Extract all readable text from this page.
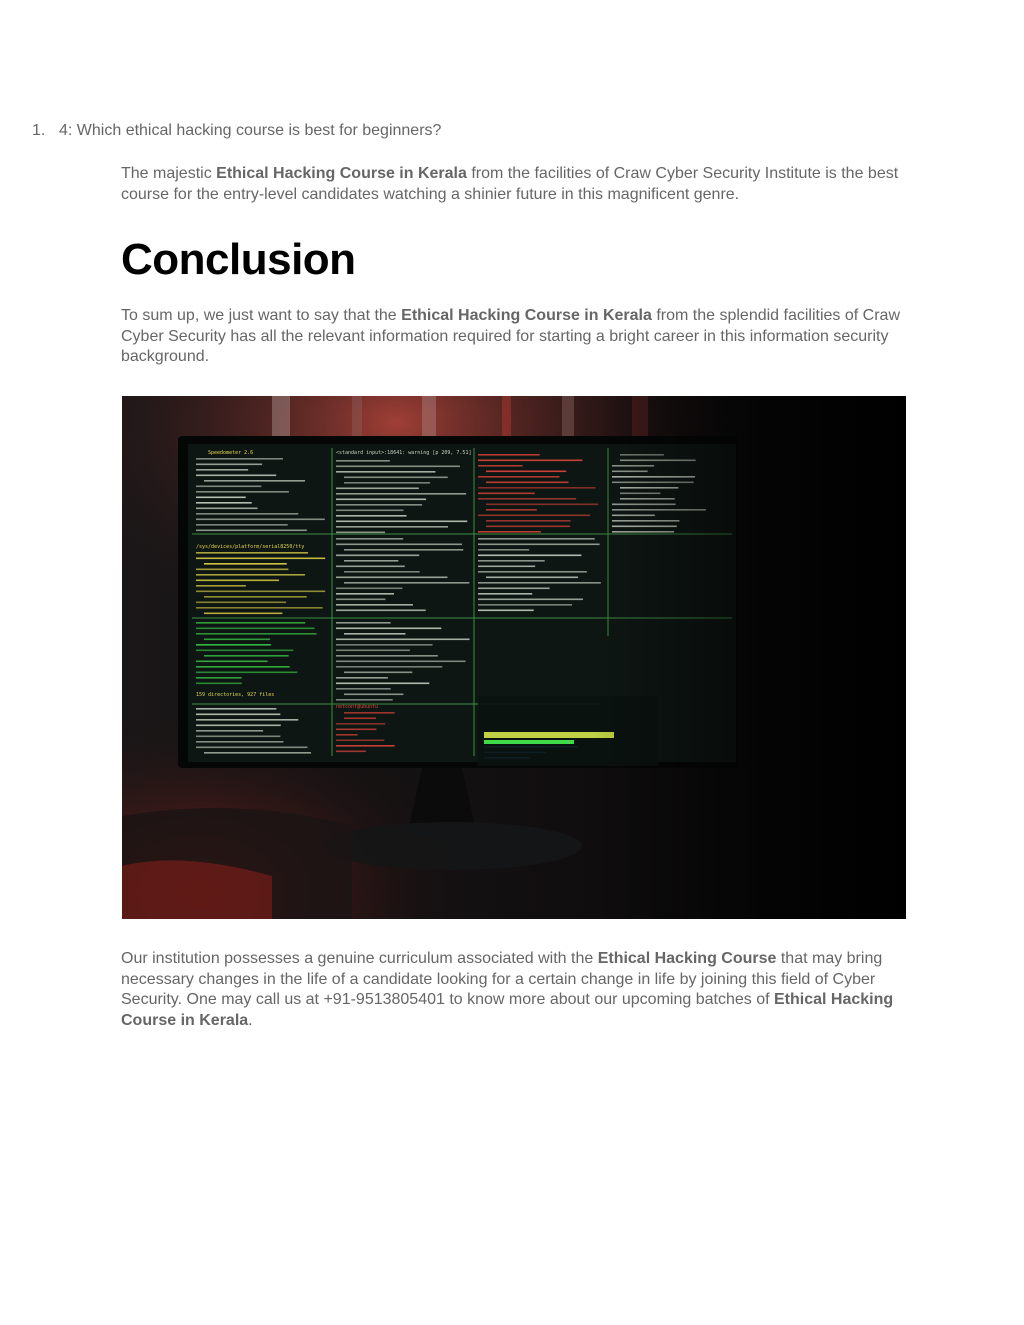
1. 4: Which ethical hacking course is best for beginners?
The majestic Ethical Hacking Course in Kerala from the facilities of Craw Cyber Security Institute is the best course for the entry-level candidates watching a shinier future in this magnificent genre.
Conclusion
To sum up, we just want to say that the Ethical Hacking Course in Kerala from the splendid facilities of Craw Cyber Security has all the relevant information required for starting a bright career in this information security background.
Our institution possesses a genuine curriculum associated with the Ethical Hacking Course that may bring necessary changes in the life of a candidate looking for a certain change in life by joining this field of Cyber Security. One may call us at +91-9513805401 to know more about our upcoming batches of Ethical Hacking Course in Kerala.
